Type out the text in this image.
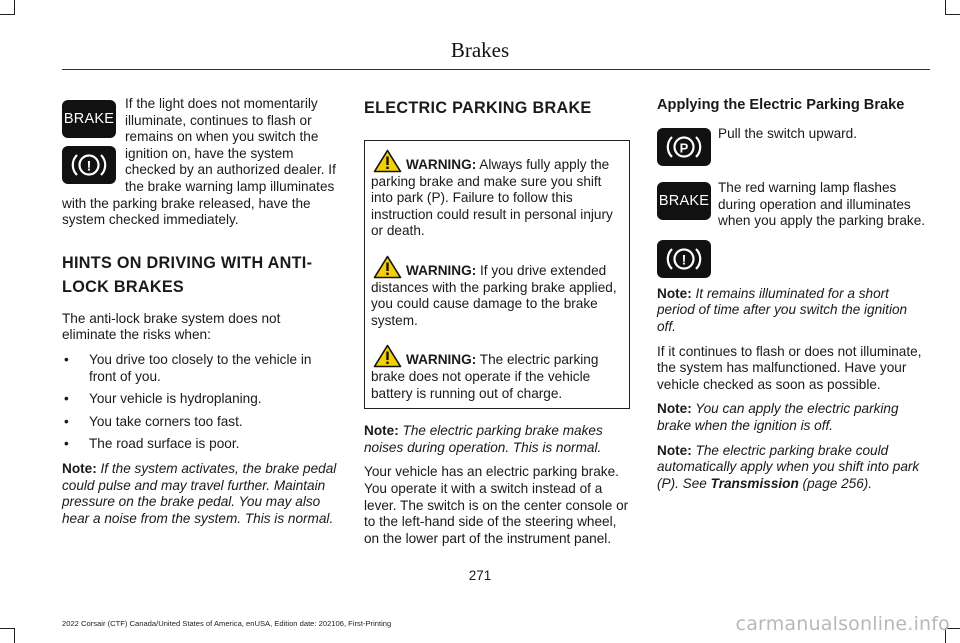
Brakes
BRAKE
!

If the light does not momentarily illuminate, continues to flash or remains on when you switch the ignition on, have the system checked by an authorized dealer. If the brake warning lamp illuminates with the parking brake released, have the system checked immediately.

HINTS ON DRIVING WITH ANTI-
LOCK BRAKES

The anti-lock brake system does not eliminate the risks when:

• You drive too closely to the vehicle in front of you.
• Your vehicle is hydroplaning.
• You take corners too fast.
• The road surface is poor.

Note: If the system activates, the brake pedal could pulse and may travel further. Maintain pressure on the brake pedal. You may also hear a noise from the system. This is normal.

ELECTRIC PARKING BRAKE

WARNING: Always fully apply the parking brake and make sure you shift into park (P). Failure to follow this instruction could result in personal injury or death.

WARNING: If you drive extended distances with the parking brake applied, you could cause damage to the brake system.

WARNING: The electric parking brake does not operate if the vehicle battery is running out of charge.

Note: The electric parking brake makes noises during operation. This is normal.

Your vehicle has an electric parking brake. You operate it with a switch instead of a lever. The switch is on the center console or to the left-hand side of the steering wheel, on the lower part of the instrument panel.

Applying the Electric Parking Brake
P
Pull the switch upward.
BRAKE
The red warning lamp flashes during operation and illuminates when you apply the parking brake.
!

Note: It remains illuminated for a short period of time after you switch the ignition off.

If it continues to flash or does not illuminate, the system has malfunctioned. Have your vehicle checked as soon as possible.

Note: You can apply the electric parking brake when the ignition is off.

Note: The electric parking brake could automatically apply when you shift into park (P). See Transmission (page 256).

271
2022 Corsair (CTF) Canada/United States of America, enUSA, Edition date: 202106, First-Printing	carmanualsonline.info
